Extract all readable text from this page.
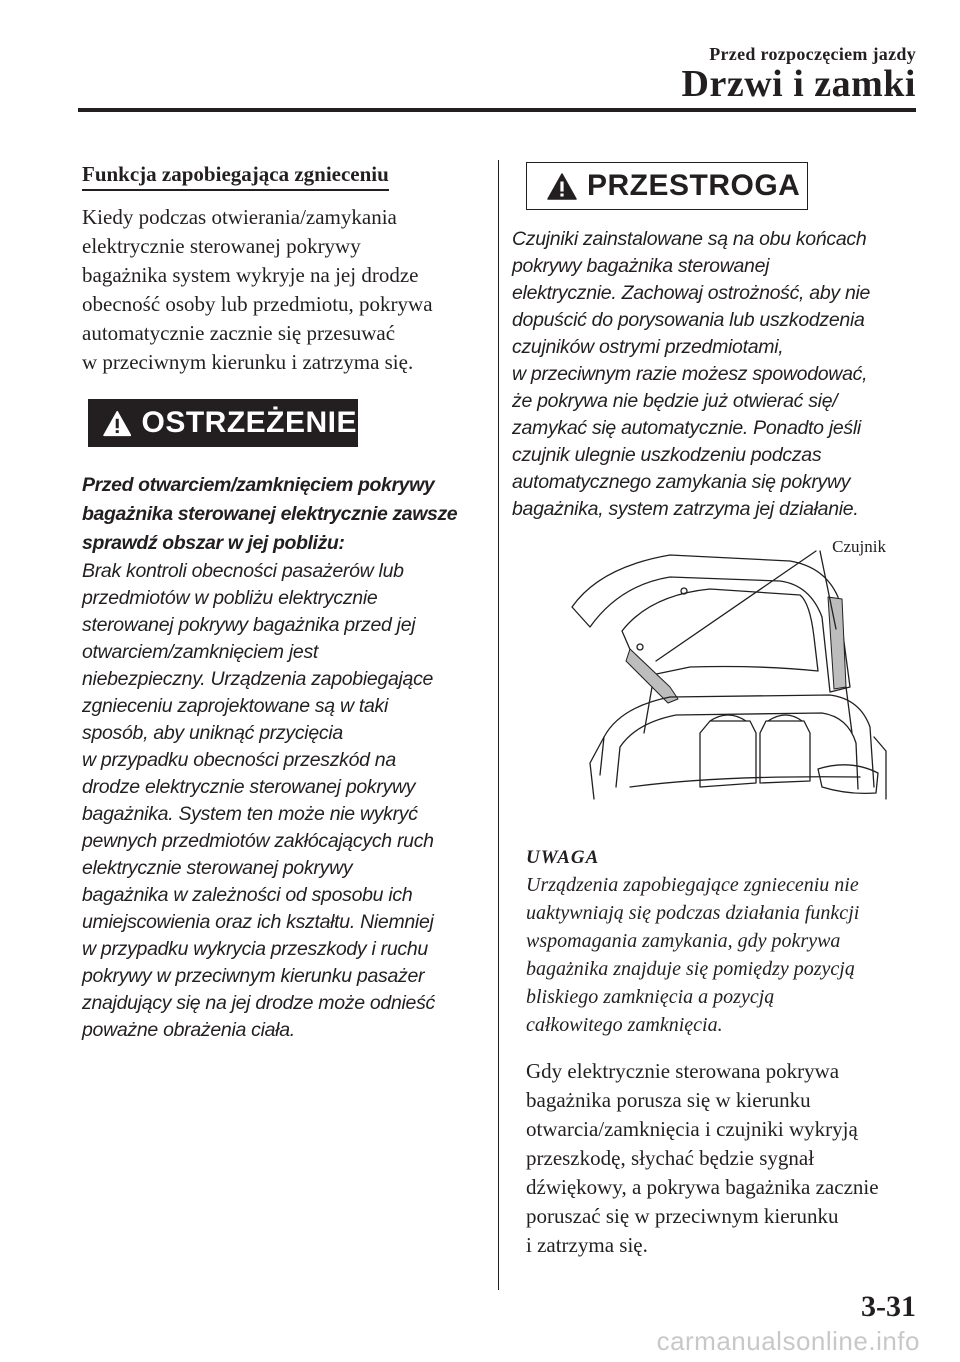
Przed rozpoczęciem jazdy
Drzwi i zamki
Funkcja zapobiegająca zgnieceniu

Kiedy podczas otwierania/zamykania
elektrycznie sterowanej pokrywy
bagażnika system wykryje na jej drodze
obecność osoby lub przedmiotu, pokrywa
automatycznie zacznie się przesuwać
w przeciwnym kierunku i zatrzyma się.

OSTRZEŻENIE

Przed otwarciem/zamknięciem pokrywy
bagażnika sterowanej elektrycznie zawsze
sprawdź obszar w jej pobliżu:

Brak kontroli obecności pasażerów lub
przedmiotów w pobliżu elektrycznie
sterowanej pokrywy bagażnika przed jej
otwarciem/zamknięciem jest
niebezpieczny. Urządzenia zapobiegające
zgnieceniu zaprojektowane są w taki
sposób, aby uniknąć przycięcia
w przypadku obecności przeszkód na
drodze elektrycznie sterowanej pokrywy
bagażnika. System ten może nie wykryć
pewnych przedmiotów zakłócających ruch
elektrycznie sterowanej pokrywy
bagażnika w zależności od sposobu ich
umiejscowienia oraz ich kształtu. Niemniej
w przypadku wykrycia przeszkody i ruchu
pokrywy w przeciwnym kierunku pasażer
znajdujący się na jej drodze może odnieść
poważne obrażenia ciała.

PRZESTROGA

Czujniki zainstalowane są na obu końcach
pokrywy bagażnika sterowanej
elektrycznie. Zachowaj ostrożność, aby nie
dopuścić do porysowania lub uszkodzenia
czujników ostrymi przedmiotami,
w przeciwnym razie możesz spowodować,
że pokrywa nie będzie już otwierać się/
zamykać się automatycznie. Ponadto jeśli
czujnik ulegnie uszkodzeniu podczas
automatycznego zamykania się pokrywy
bagażnika, system zatrzyma jej działanie.

Czujnik
UWAGA

Urządzenia zapobiegające zgnieceniu nie
uaktywniają się podczas działania funkcji
wspomagania zamykania, gdy pokrywa
bagażnika znajduje się pomiędzy pozycją
bliskiego zamknięcia a pozycją
całkowitego zamknięcia.

Gdy elektrycznie sterowana pokrywa
bagażnika porusza się w kierunku
otwarcia/zamknięcia i czujniki wykryją
przeszkodę, słychać będzie sygnał
dźwiękowy, a pokrywa bagażnika zacznie
poruszać się w przeciwnym kierunku
i zatrzyma się.

3-31
carmanualsonline.info
